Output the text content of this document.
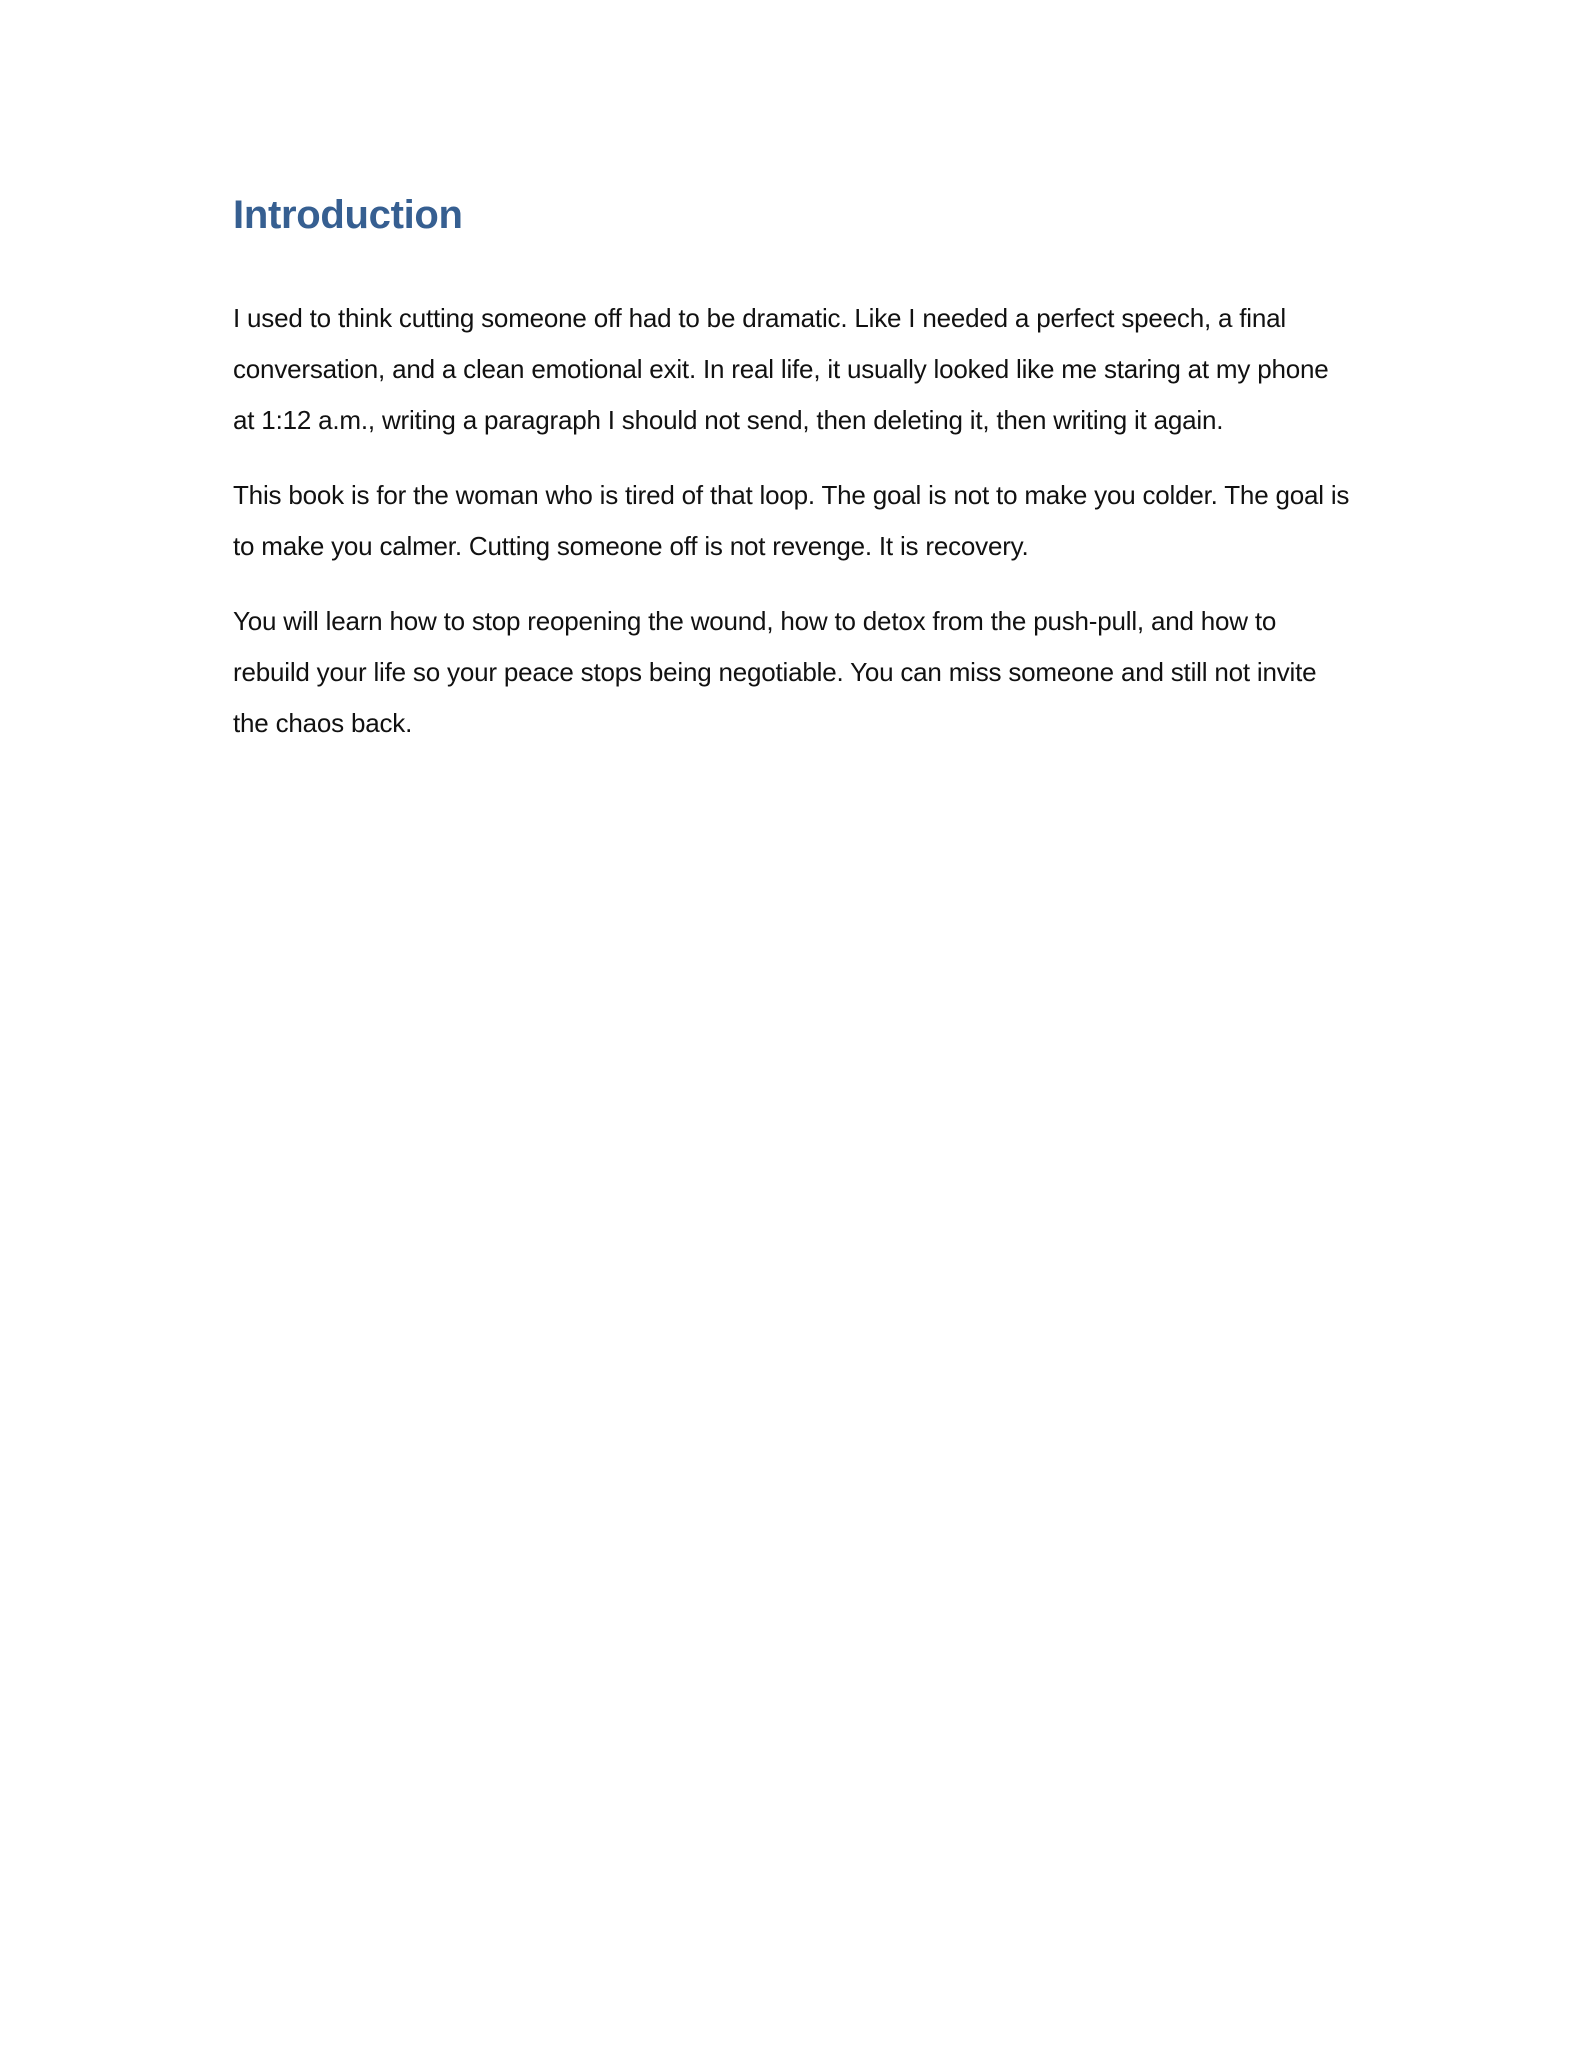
Introduction

I used to think cutting someone off had to be dramatic. Like I needed a perfect speech, a final conversation, and a clean emotional exit. In real life, it usually looked like me staring at my phone at 1:12 a.m., writing a paragraph I should not send, then deleting it, then writing it again.

This book is for the woman who is tired of that loop. The goal is not to make you colder. The goal is to make you calmer. Cutting someone off is not revenge. It is recovery.

You will learn how to stop reopening the wound, how to detox from the push-pull, and how to rebuild your life so your peace stops being negotiable. You can miss someone and still not invite the chaos back.
